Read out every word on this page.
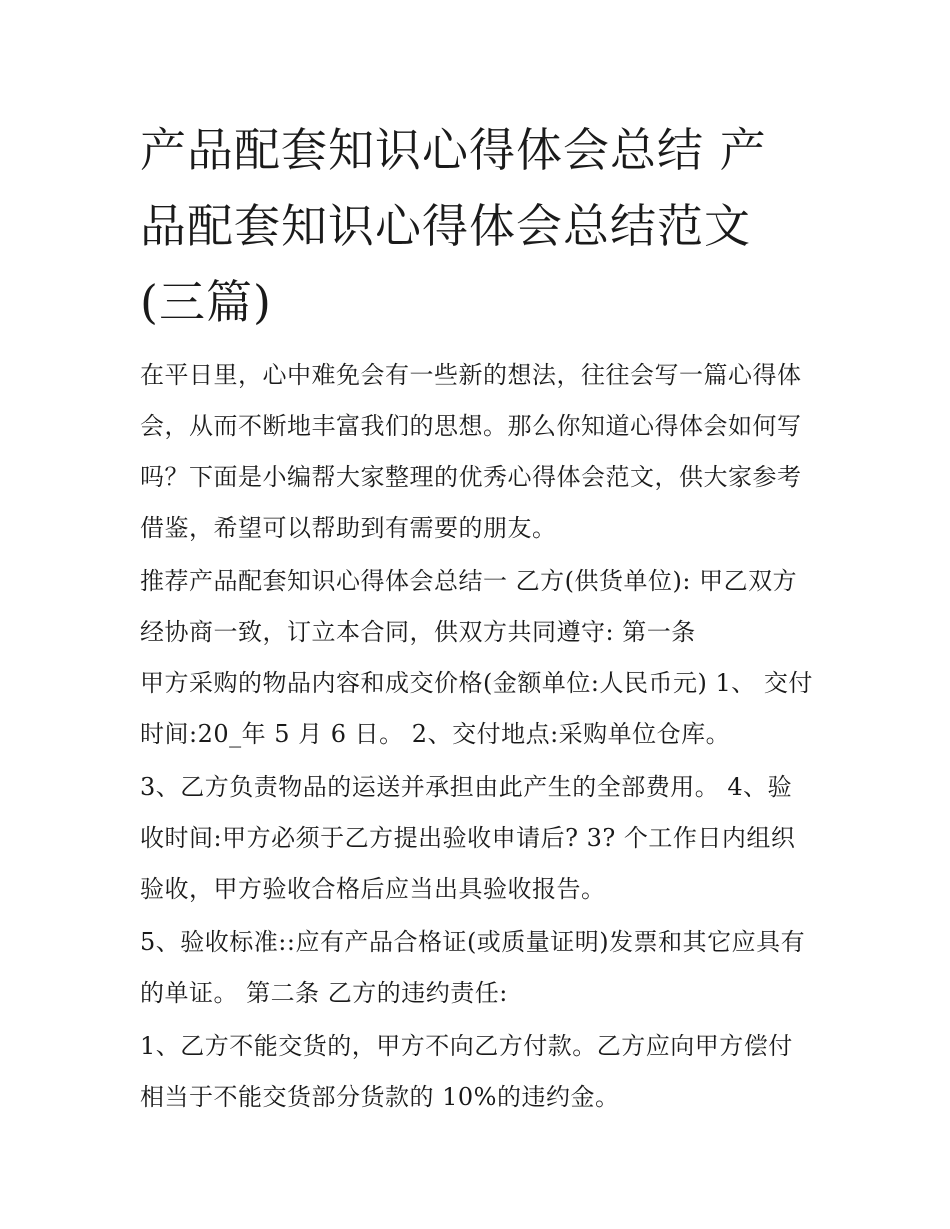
产品配套知识心得体会总结 产
品配套知识心得体会总结范文
(三篇)
在平日里，心中难免会有一些新的想法，往往会写一篇心得体
会，从而不断地丰富我们的思想。那么你知道心得体会如何写
吗？下面是小编帮大家整理的优秀心得体会范文，供大家参考
借鉴，希望可以帮助到有需要的朋友。
推荐产品配套知识心得体会总结一 乙方(供货单位): 甲乙双方
经协商一致，订立本合同，供双方共同遵守: 第一条
甲方采购的物品内容和成交价格(金额单位:人民币元) 1、 交付
时间:20_年 5 月 6 日。 2、交付地点:采购单位仓库。
3、乙方负责物品的运送并承担由此产生的全部费用。 4、验
收时间:甲方必须于乙方提出验收申请后? 3? 个工作日内组织
验收，甲方验收合格后应当出具验收报告。
5、验收标准::应有产品合格证(或质量证明)发票和其它应具有
的单证。 第二条 乙方的违约责任:
1、乙方不能交货的，甲方不向乙方付款。乙方应向甲方偿付
相当于不能交货部分货款的 10%的违约金。
